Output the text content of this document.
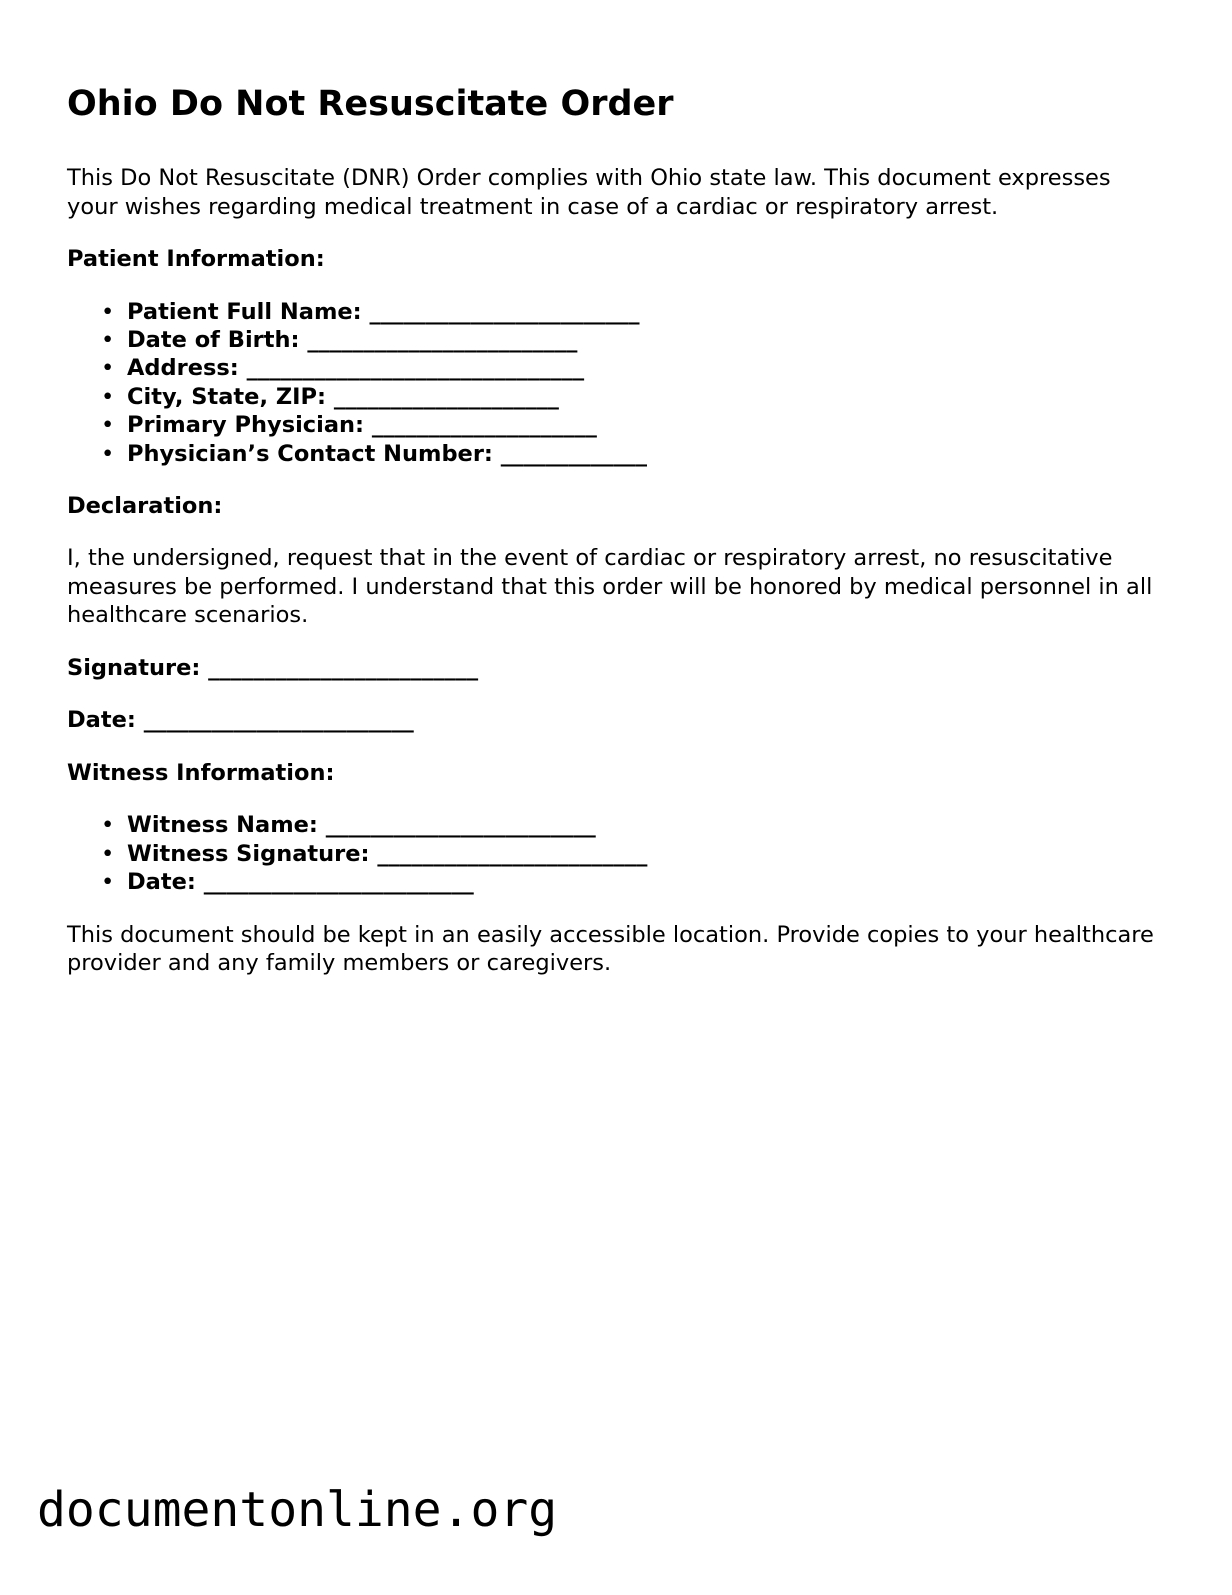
Ohio Do Not Resuscitate Order

This Do Not Resuscitate (DNR) Order complies with Ohio state law. This document expresses your wishes regarding medical treatment in case of a cardiac or respiratory arrest.

Patient Information:
• Patient Full Name: ________________________
• Date of Birth: ________________________
• Address: ______________________________
• City, State, ZIP: ____________________
• Primary Physician: ____________________
• Physician’s Contact Number: _____________
Declaration:

I, the undersigned, request that in the event of cardiac or respiratory arrest, no resuscitative measures be performed. I understand that this order will be honored by medical personnel in all healthcare scenarios.

Signature: ________________________
Date: ________________________
Witness Information:
• Witness Name: ________________________
• Witness Signature: ________________________
• Date: ________________________

This document should be kept in an easily accessible location. Provide copies to your healthcare provider and any family members or caregivers.

documentonline.org
